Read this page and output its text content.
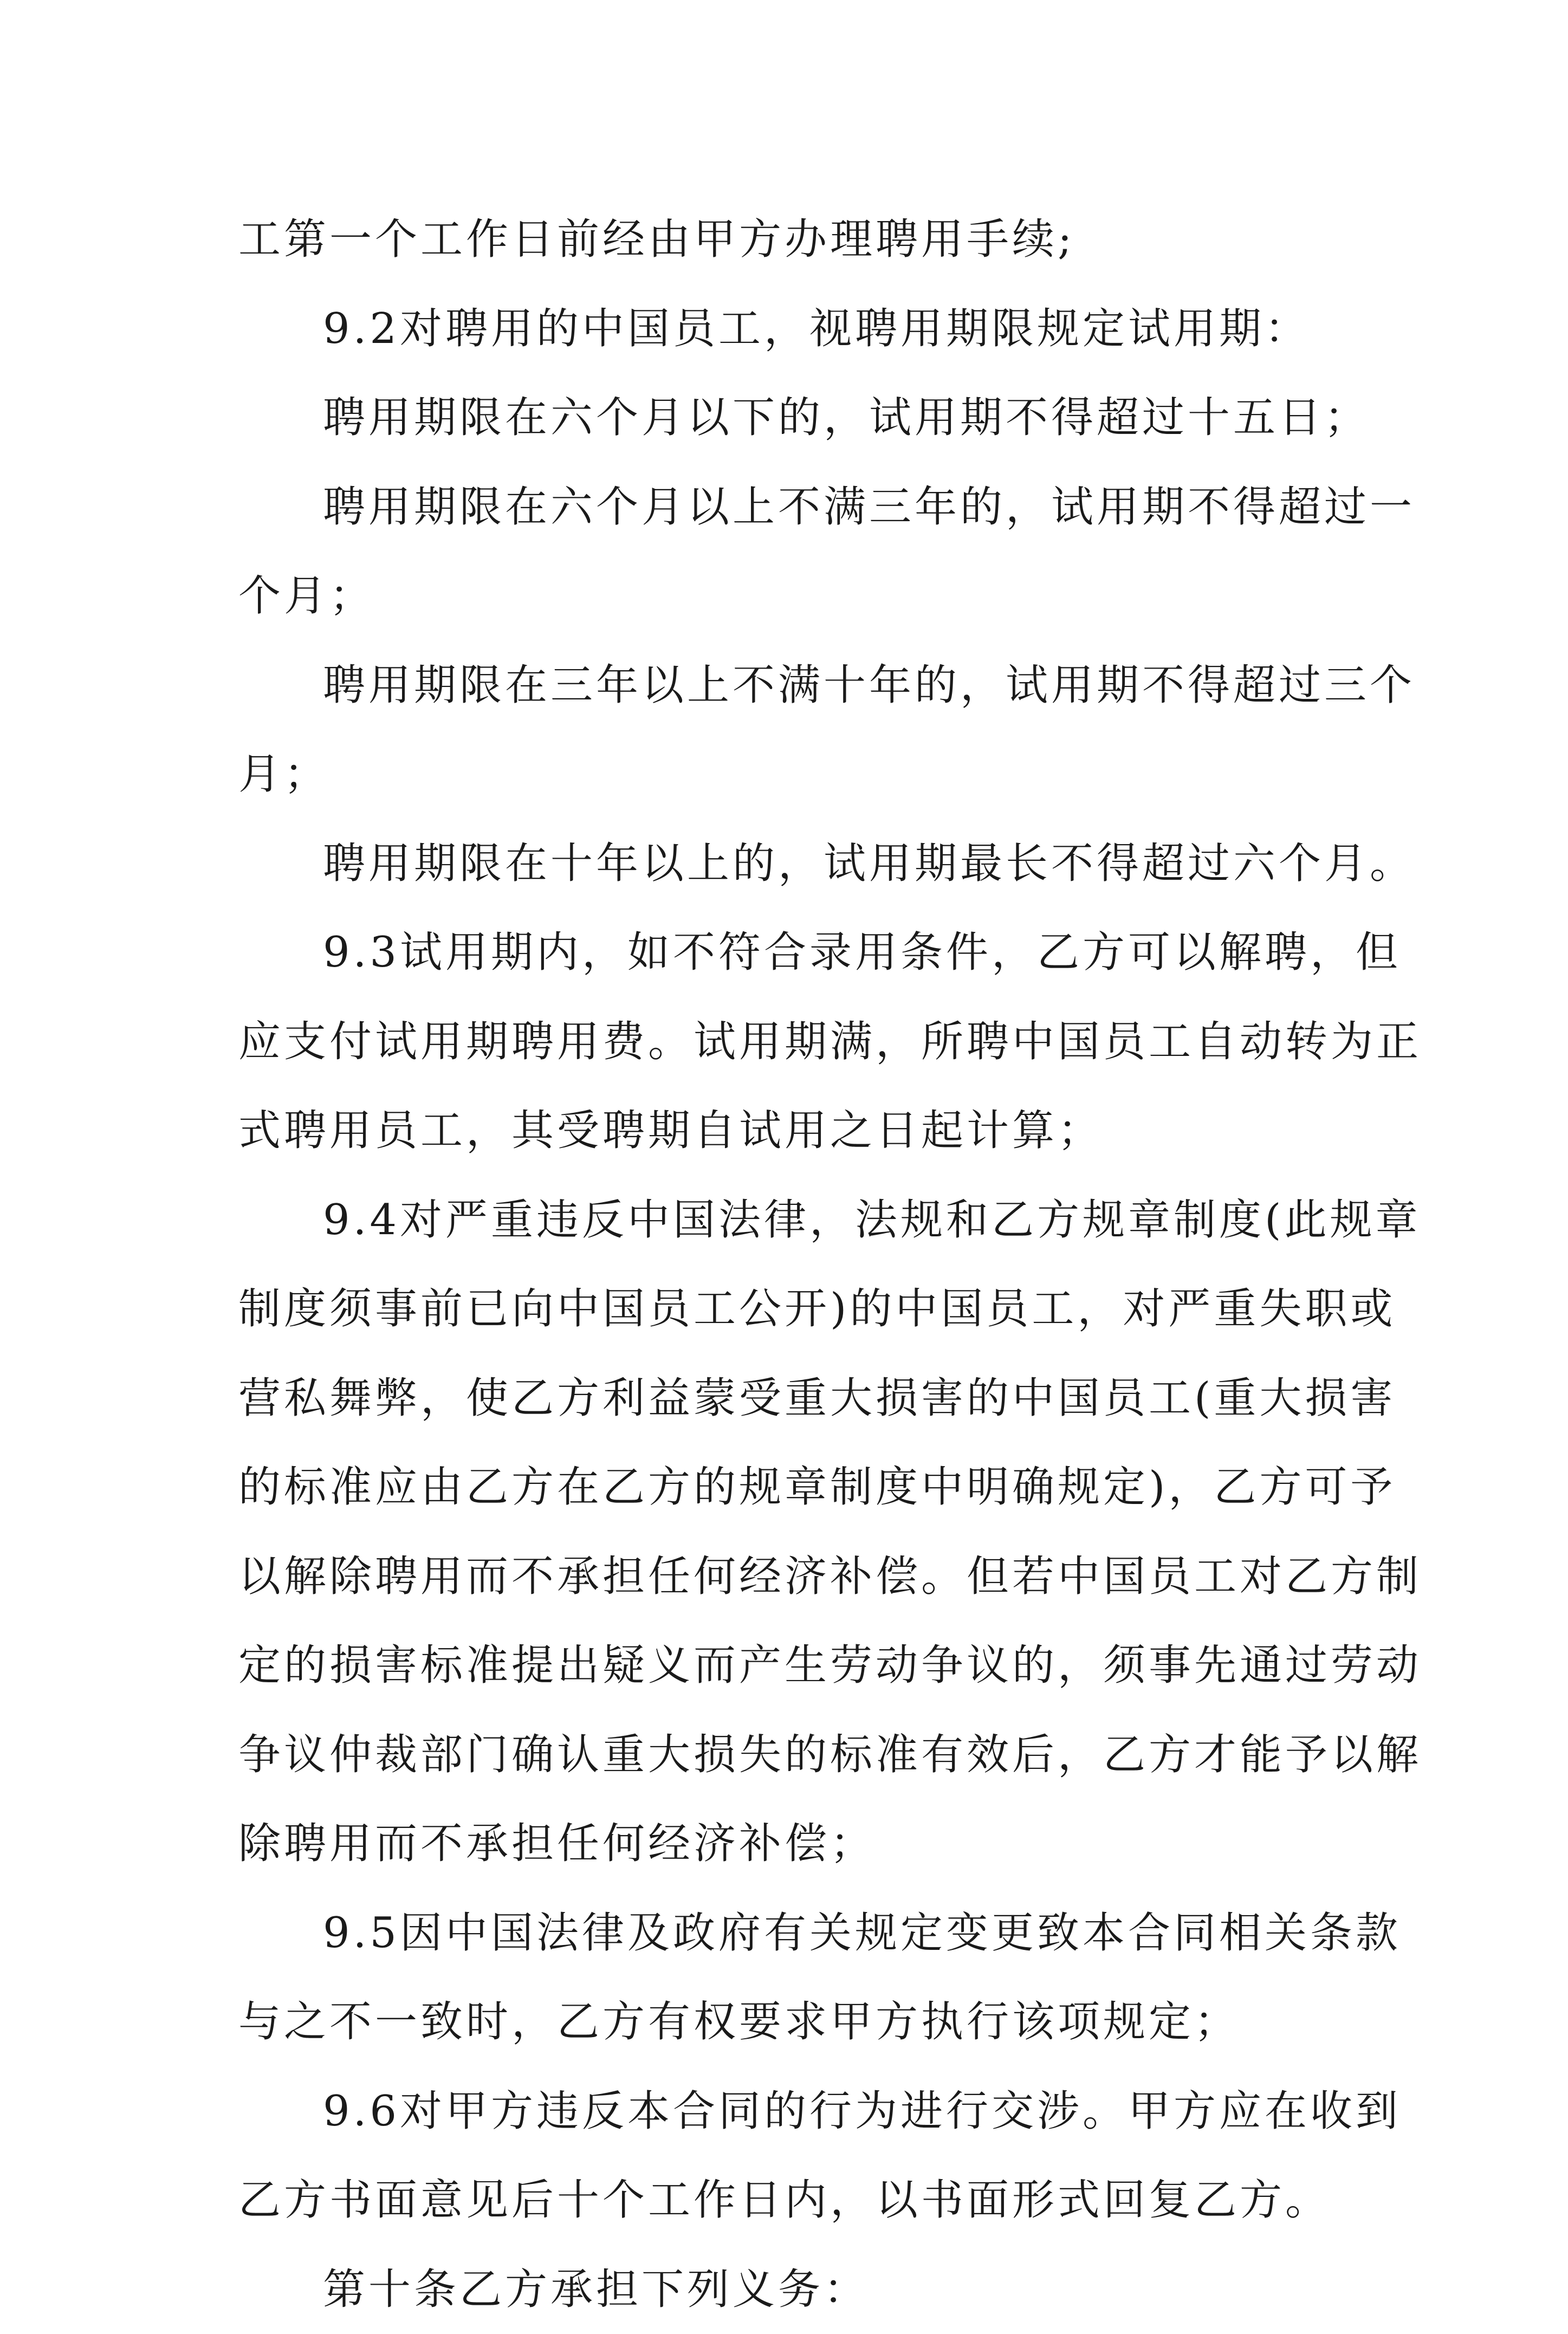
工第一个工作日前经由甲方办理聘用手续;
9.2对聘用的中国员工，视聘用期限规定试用期：
聘用期限在六个月以下的，试用期不得超过十五日；
聘用期限在六个月以上不满三年的，试用期不得超过一
个月；
聘用期限在三年以上不满十年的，试用期不得超过三个
月；
聘用期限在十年以上的，试用期最长不得超过六个月。
9.3试用期内，如不符合录用条件，乙方可以解聘，但
应支付试用期聘用费。试用期满，所聘中国员工自动转为正
式聘用员工，其受聘期自试用之日起计算；
9.4对严重违反中国法律，法规和乙方规章制度(此规章
制度须事前已向中国员工公开)的中国员工，对严重失职或
营私舞弊，使乙方利益蒙受重大损害的中国员工(重大损害
的标准应由乙方在乙方的规章制度中明确规定)，乙方可予
以解除聘用而不承担任何经济补偿。但若中国员工对乙方制
定的损害标准提出疑义而产生劳动争议的，须事先通过劳动
争议仲裁部门确认重大损失的标准有效后，乙方才能予以解
除聘用而不承担任何经济补偿；
9.5因中国法律及政府有关规定变更致本合同相关条款
与之不一致时，乙方有权要求甲方执行该项规定；
9.6对甲方违反本合同的行为进行交涉。甲方应在收到
乙方书面意见后十个工作日内，以书面形式回复乙方。
第十条乙方承担下列义务：
